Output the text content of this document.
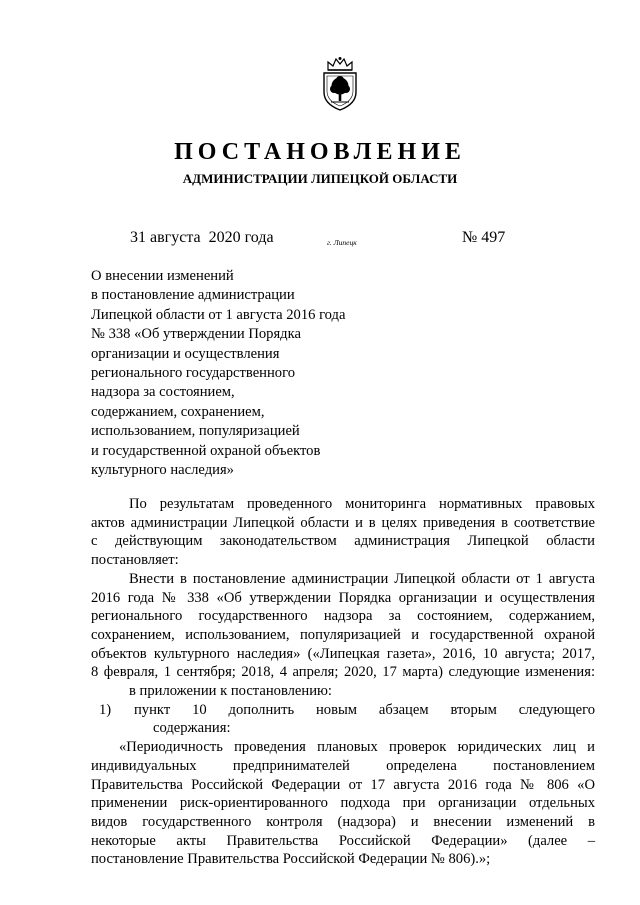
ПОСТАНОВЛЕНИЕ
АДМИНИСТРАЦИИ ЛИПЕЦКОЙ ОБЛАСТИ
31 августа  2020 года	г. Липецк	№ 497
О внесении изменений
в постановление администрации
Липецкой области от 1 августа 2016 года
№ 338 «Об утверждении Порядка
организации и осуществления
регионального государственного
надзора за состоянием,
содержанием, сохранением,
использованием, популяризацией
и государственной охраной объектов
культурного наследия»
По результатам проведенного мониторинга нормативных правовых
актов администрации Липецкой области и в целях приведения в соответствие
с действующим законодательством администрация Липецкой области
постановляет:
Внести в постановление администрации Липецкой области от 1 августа
2016 года № 338 «Об утверждении Порядка организации и осуществления
регионального государственного надзора за состоянием, содержанием,
сохранением, использованием, популяризацией и государственной охраной
объектов культурного наследия» («Липецкая газета», 2016, 10 августа; 2017,
8 февраля, 1 сентября; 2018, 4 апреля; 2020, 17 марта) следующие изменения:
в приложении к постановлению:
1)	пункт 10 дополнить новым абзацем вторым следующего
содержания:
«Периодичность проведения плановых проверок юридических лиц и
индивидуальных предпринимателей определена постановлением
Правительства Российской Федерации от 17 августа 2016 года № 806 «О
применении риск-ориентированного подхода при организации отдельных
видов государственного контроля (надзора) и внесении изменений в
некоторые акты Правительства Российской Федерации» (далее –
постановление Правительства Российской Федерации № 806).»;
